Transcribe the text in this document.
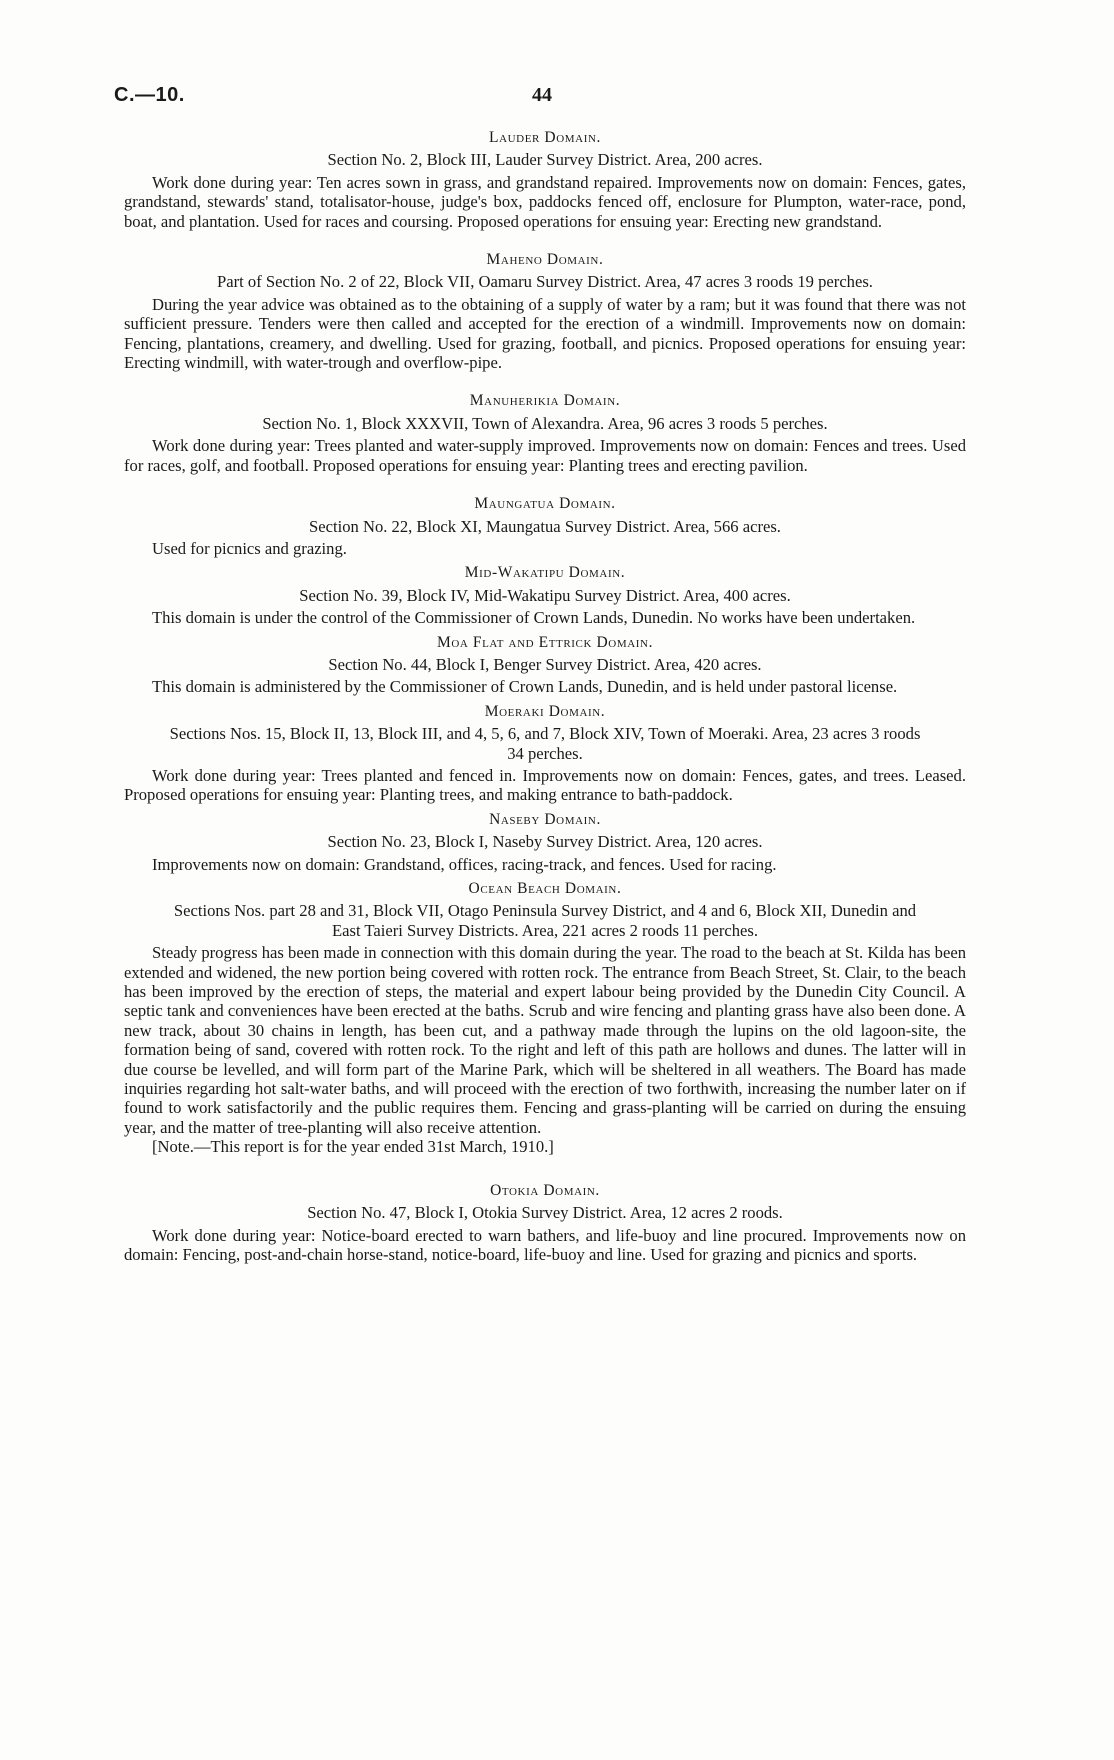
C.—10.	44

Lauder Domain.

Section No. 2, Block III, Lauder Survey District. Area, 200 acres.

Work done during year: Ten acres sown in grass, and grandstand repaired. Improvements now on domain: Fences, gates, grandstand, stewards' stand, totalisator-house, judge's box, paddocks fenced off, enclosure for Plumpton, water-race, pond, boat, and plantation. Used for races and coursing. Proposed operations for ensuing year: Erecting new grandstand.

Maheno Domain.

Part of Section No. 2 of 22, Block VII, Oamaru Survey District. Area, 47 acres 3 roods 19 perches.

During the year advice was obtained as to the obtaining of a supply of water by a ram; but it was found that there was not sufficient pressure. Tenders were then called and accepted for the erection of a windmill. Improvements now on domain: Fencing, plantations, creamery, and dwelling. Used for grazing, football, and picnics. Proposed operations for ensuing year: Erecting windmill, with water-trough and overflow-pipe.

Manuherikia Domain.

Section No. 1, Block XXXVII, Town of Alexandra. Area, 96 acres 3 roods 5 perches.

Work done during year: Trees planted and water-supply improved. Improvements now on domain: Fences and trees. Used for races, golf, and football. Proposed operations for ensuing year: Planting trees and erecting pavilion.

Maungatua Domain.

Section No. 22, Block XI, Maungatua Survey District. Area, 566 acres.

Used for picnics and grazing.

Mid-Wakatipu Domain.

Section No. 39, Block IV, Mid-Wakatipu Survey District. Area, 400 acres.

This domain is under the control of the Commissioner of Crown Lands, Dunedin. No works have been undertaken.

Moa Flat and Ettrick Domain.

Section No. 44, Block I, Benger Survey District. Area, 420 acres.

This domain is administered by the Commissioner of Crown Lands, Dunedin, and is held under pastoral license.

Moeraki Domain.

Sections Nos. 15, Block II, 13, Block III, and 4, 5, 6, and 7, Block XIV, Town of Moeraki. Area, 23 acres 3 roods 34 perches.

Work done during year: Trees planted and fenced in. Improvements now on domain: Fences, gates, and trees. Leased. Proposed operations for ensuing year: Planting trees, and making entrance to bath-paddock.

Naseby Domain.

Section No. 23, Block I, Naseby Survey District. Area, 120 acres.

Improvements now on domain: Grandstand, offices, racing-track, and fences. Used for racing.

Ocean Beach Domain.

Sections Nos. part 28 and 31, Block VII, Otago Peninsula Survey District, and 4 and 6, Block XII, Dunedin and East Taieri Survey Districts. Area, 221 acres 2 roods 11 perches.

Steady progress has been made in connection with this domain during the year. The road to the beach at St. Kilda has been extended and widened, the new portion being covered with rotten rock. The entrance from Beach Street, St. Clair, to the beach has been improved by the erection of steps, the material and expert labour being provided by the Dunedin City Council. A septic tank and conveniences have been erected at the baths. Scrub and wire fencing and planting grass have also been done. A new track, about 30 chains in length, has been cut, and a pathway made through the lupins on the old lagoon-site, the formation being of sand, covered with rotten rock. To the right and left of this path are hollows and dunes. The latter will in due course be levelled, and will form part of the Marine Park, which will be sheltered in all weathers. The Board has made inquiries regarding hot salt-water baths, and will proceed with the erection of two forthwith, increasing the number later on if found to work satisfactorily and the public requires them. Fencing and grass-planting will be carried on during the ensuing year, and the matter of tree-planting will also receive attention.

[Note.—This report is for the year ended 31st March, 1910.]

Otokia Domain.

Section No. 47, Block I, Otokia Survey District. Area, 12 acres 2 roods.

Work done during year: Notice-board erected to warn bathers, and life-buoy and line procured. Improvements now on domain: Fencing, post-and-chain horse-stand, notice-board, life-buoy and line. Used for grazing and picnics and sports.
